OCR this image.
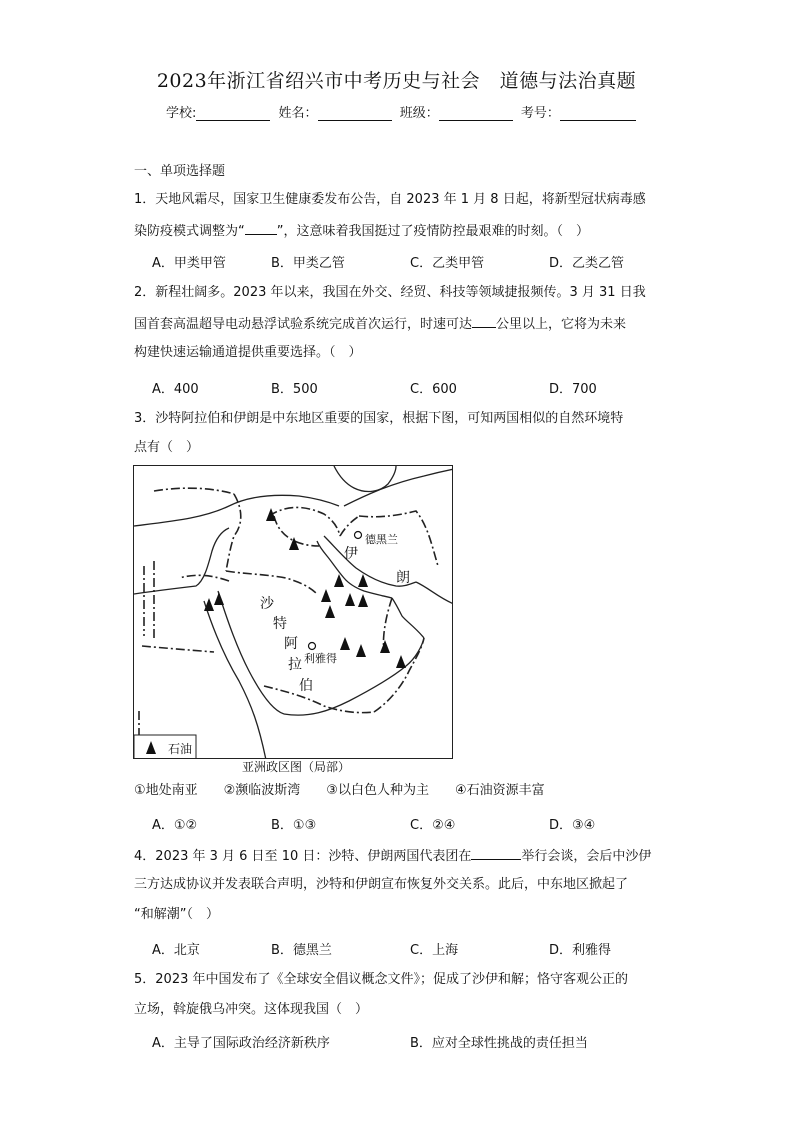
2023年浙江省绍兴市中考历史与社会　道德与法治真题
学校:	姓名：	班级：	考号：
一、单项选择题
1．天地风霜尽，国家卫生健康委发布公告，自 2023 年 1 月 8 日起，将新型冠状病毒感
染防疫模式调整为“ ”，这意味着我国挺过了疫情防控最艰难的时刻。（　）
A．甲类甲管	B．甲类乙管	C．乙类甲管	D．乙类乙管
2．新程壮阔多。2023 年以来，我国在外交、经贸、科技等领域捷报频传。3 月 31 日我
国首套高温超导电动悬浮试验系统完成首次运行，时速可达 公里以上，它将为未来
构建快速运输通道提供重要选择。（　）
A．400	B．500	C．600	D．700
3．沙特阿拉伯和伊朗是中东地区重要的国家，根据下图，可知两国相似的自然环境特
点有（　）
德黑兰
伊
朗
沙
特
阿
拉
伯
利雅得
石油
亚洲政区图（局部）
①地处南亚　　②濒临波斯湾　　③以白色人种为主　　④石油资源丰富
A．①②	B．①③	C．②④	D．③④
4．2023 年 3 月 6 日至 10 日：沙特、伊朗两国代表团在	举行会谈，会后中沙伊
三方达成协议并发表联合声明，沙特和伊朗宣布恢复外交关系。此后，中东地区掀起了
“和解潮”（　）
A．北京	B．德黑兰	C．上海	D．利雅得
5．2023 年中国发布了《全球安全倡议概念文件》；促成了沙伊和解；恪守客观公正的
立场，斡旋俄乌冲突。这体现我国（　）
A．主导了国际政治经济新秩序	B．应对全球性挑战的责任担当
